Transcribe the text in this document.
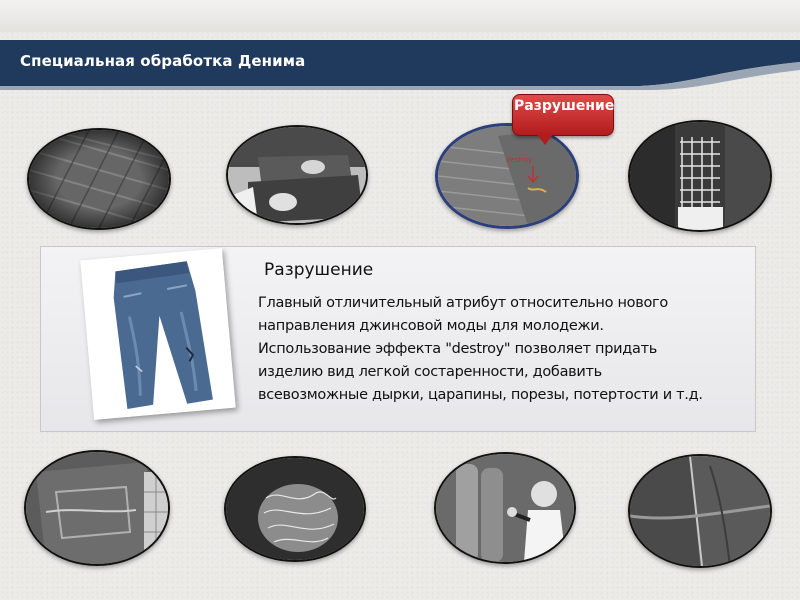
Специальная обработка Денима
destroy
Разрушение
Разрушение
Главный отличительный атрибут относительно нового
направления джинсовой моды для молодежи.
Использование эффекта "destroy" позволяет придать
изделию вид легкой состаренности, добавить
всевозможные дырки, царапины, порезы, потертости и т.д.
